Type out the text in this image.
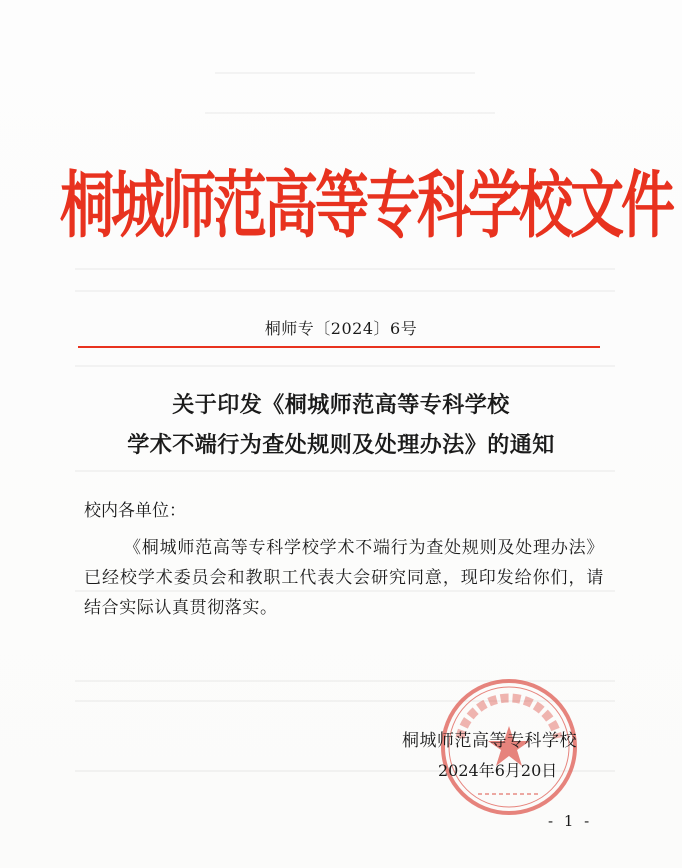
桐城师范高等专科学校文件
桐师专〔2024〕6号
关于印发《桐城师范高等专科学校
学术不端行为查处规则及处理办法》的通知
校内各单位：
《桐城师范高等专科学校学术不端行为查处规则及处理办法》已经校学术委员会和教职工代表大会研究同意，现印发给你们，请结合实际认真贯彻落实。
桐城师范高等专科学校
2024年6月20日
- 1 -
